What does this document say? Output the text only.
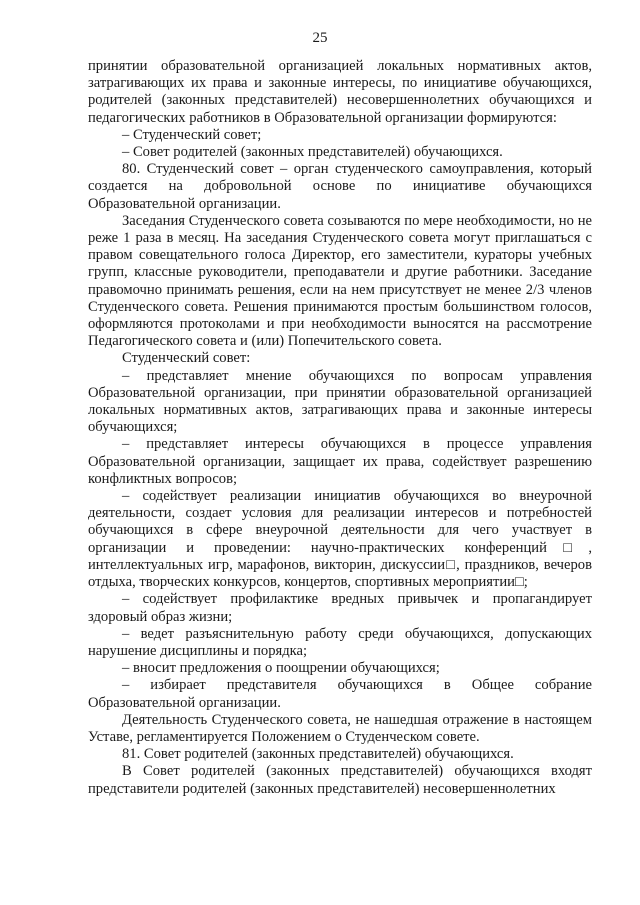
25

принятии образовательной организацией локальных нормативных актов, затрагивающих их права и законные интересы, по инициативе обучающихся, родителей (законных представителей) несовершеннолетних обучающихся и педагогических работников в Образовательной организации формируются:

– Студенческий совет;

– Совет родителей (законных представителей) обучающихся.

80. Студенческий совет – орган студенческого самоуправления, который создается на добровольной основе по инициативе обучающихся Образовательной организации.

Заседания Студенческого совета созываются по мере необходимости, но не реже 1 раза в месяц. На заседания Студенческого совета могут приглашаться с правом совещательного голоса Директор, его заместители, кураторы учебных групп, классные руководители, преподаватели и другие работники. Заседание правомочно принимать решения, если на нем присутствует не менее 2/3 членов Студенческого совета. Решения принимаются простым большинством голосов, оформляются протоколами и при необходимости выносятся на рассмотрение Педагогического совета и (или) Попечительского совета.

Студенческий совет:

– представляет мнение обучающихся по вопросам управления Образовательной организации, при принятии образовательной организацией локальных нормативных актов, затрагивающих права и законные интересы обучающихся;

– представляет интересы обучающихся в процессе управления Образовательной организации, защищает их права, содействует разрешению конфликтных вопросов;

– содействует реализации инициатив обучающихся во внеурочной деятельности, создает условия для реализации интересов и потребностей обучающихся в сфере внеурочной деятельности для чего участвует в организации и проведении: научно-практических конференций□, интеллектуальных игр, марафонов, викторин, дискуссии□, праздников, вечеров отдыха, творческих конкурсов, концертов, спортивных мероприятии□;

– содействует профилактике вредных привычек и пропагандирует здоровый образ жизни;

– ведет разъяснительную работу среди обучающихся, допускающих нарушение дисциплины и порядка;

– вносит предложения о поощрении обучающихся;

– избирает представителя обучающихся в Общее собрание Образовательной организации.

Деятельность Студенческого совета, не нашедшая отражение в настоящем Уставе, регламентируется Положением о Студенческом совете.

81. Совет родителей (законных представителей) обучающихся.

В Совет родителей (законных представителей) обучающихся входят представители родителей (законных представителей) несовершеннолетних
